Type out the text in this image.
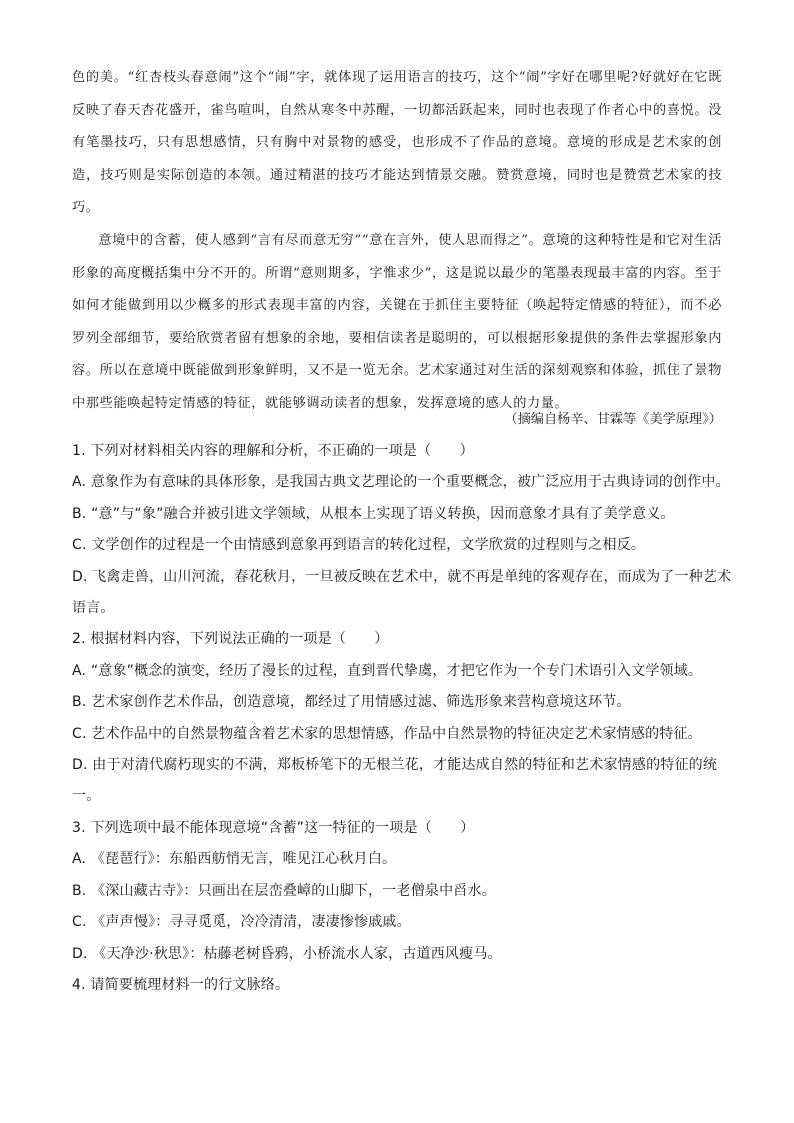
色的美。“红杏枝头春意闹”这个“闹”字，就体现了运用语言的技巧，这个“闹”字好在哪里呢?好就好在它既反映了春天杏花盛开，雀鸟喧叫，自然从寒冬中苏醒，一切都活跃起来，同时也表现了作者心中的喜悦。没有笔墨技巧，只有思想感情，只有胸中对景物的感受，也形成不了作品的意境。意境的形成是艺术家的创造，技巧则是实际创造的本领。通过精湛的技巧才能达到情景交融。赞赏意境，同时也是赞赏艺术家的技巧。

意境中的含蓄，使人感到“言有尽而意无穷”“意在言外，使人思而得之”。意境的这种特性是和它对生活形象的高度概括集中分不开的。所谓“意则期多，字惟求少”，这是说以最少的笔墨表现最丰富的内容。至于如何才能做到用以少概多的形式表现丰富的内容，关键在于抓住主要特征（唤起特定情感的特征），而不必罗列全部细节，要给欣赏者留有想象的余地，要相信读者是聪明的，可以根据形象提供的条件去掌握形象内容。所以在意境中既能做到形象鲜明，又不是一览无余。艺术家通过对生活的深刻观察和体验，抓住了景物中那些能唤起特定情感的特征，就能够调动读者的想象，发挥意境的感人的力量。

（摘编自杨辛、甘霖等《美学原理》）

1. 下列对材料相关内容的理解和分析，不正确的一项是（　　）

A. 意象作为有意味的具体形象，是我国古典文艺理论的一个重要概念，被广泛应用于古典诗词的创作中。

B. “意”与“象”融合并被引进文学领域，从根本上实现了语义转换，因而意象才具有了美学意义。

C. 文学创作的过程是一个由情感到意象再到语言的转化过程，文学欣赏的过程则与之相反。

D. 飞禽走兽，山川河流，春花秋月，一旦被反映在艺术中，就不再是单纯的客观存在，而成为了一种艺术语言。

2. 根据材料内容，下列说法正确的一项是（　　）

A. “意象”概念的演变，经历了漫长的过程，直到晋代挚虞，才把它作为一个专门术语引入文学领域。

B. 艺术家创作艺术作品，创造意境，都经过了用情感过滤、筛选形象来营构意境这环节。

C. 艺术作品中的自然景物蕴含着艺术家的思想情感，作品中自然景物的特征决定艺术家情感的特征。

D. 由于对清代腐朽现实的不满，郑板桥笔下的无根兰花，才能达成自然的特征和艺术家情感的特征的统一。

3. 下列选项中最不能体现意境“含蓄”这一特征的一项是（　　）

A. 《琵琶行》：东船西舫悄无言，唯见江心秋月白。

B. 《深山藏古寺》：只画出在层峦叠嶂的山脚下，一老僧泉中舀水。

C. 《声声慢》：寻寻觅觅，冷冷清清，凄凄惨惨戚戚。

D. 《天净沙·秋思》：枯藤老树昏鸦，小桥流水人家，古道西风瘦马。

4. 请简要梳理材料一的行文脉络。
